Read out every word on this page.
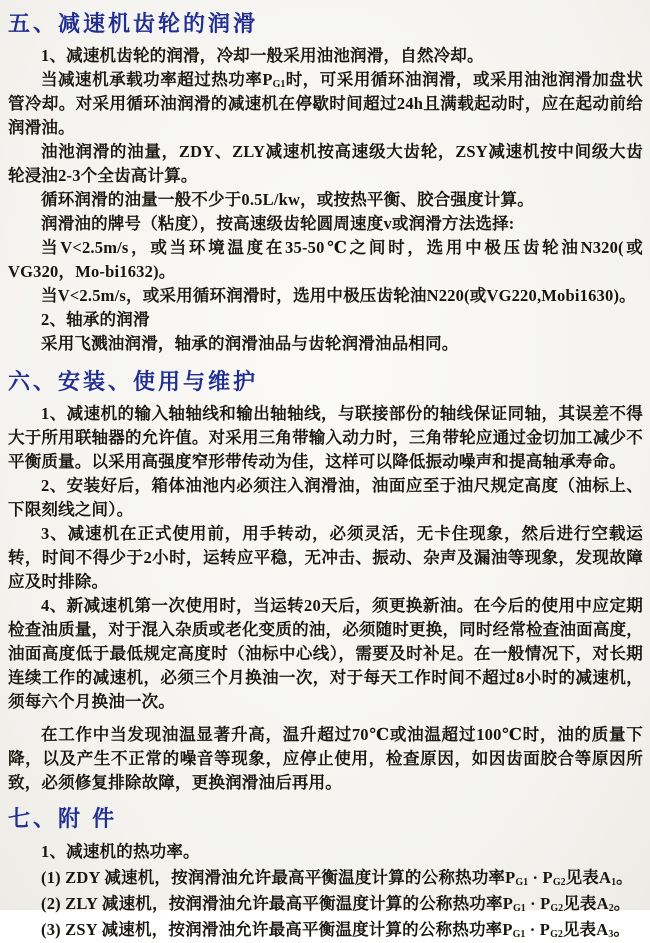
五、减速机齿轮的润滑

1、减速机齿轮的润滑，冷却一般采用油池润滑，自然冷却。

当减速机承载功率超过热功率$P_{G1}$时，可采用循环油润滑，或采用油池润滑加盘状管冷却。对采用循环油润滑的减速机在停歇时间超过24h且满载起动时，应在起动前给润滑油。

油池润滑的油量，ZDY、ZLY减速机按高速级大齿轮，ZSY减速机按中间级大齿轮浸油2-3个全齿高计算。

循环润滑的油量一般不少于0.5L/kw，或按热平衡、胶合强度计算。

润滑油的牌号（粘度），按高速级齿轮圆周速度v或润滑方法选择:

当V<2.5m/s，或当环境温度在35-50℃之间时，选用中极压齿轮油N320(或VG320，Mo-bi1632)。

当V<2.5m/s，或采用循环润滑时，选用中极压齿轮油N220(或VG220,Mobi1630)。

2、轴承的润滑

采用飞溅油润滑，轴承的润滑油品与齿轮润滑油品相同。

六、安装、使用与维护

1、减速机的输入轴轴线和输出轴轴线，与联接部份的轴线保证同轴，其误差不得大于所用联轴器的允许值。对采用三角带输入动力时，三角带轮应通过金切加工减少不平衡质量。以采用高强度窄形带传动为佳，这样可以降低振动噪声和提高轴承寿命。

2、安装好后，箱体油池内必须注入润滑油，油面应至于油尺规定高度（油标上、下限刻线之间）。

3、减速机在正式使用前，用手转动，必须灵活，无卡住现象，然后进行空载运转，时间不得少于2小时，运转应平稳，无冲击、振动、杂声及漏油等现象，发现故障应及时排除。

4、新减速机第一次使用时，当运转20天后，须更换新油。在今后的使用中应定期检查油质量，对于混入杂质或老化变质的油，必须随时更换，同时经常检查油面高度，油面高度低于最低规定高度时（油标中心线），需要及时补足。在一般情况下，对长期连续工作的减速机，必须三个月换油一次，对于每天工作时间不超过8小时的减速机，须每六个月换油一次。

在工作中当发现油温显著升高，温升超过70℃或油温超过100℃时，油的质量下降，以及产生不正常的噪音等现象，应停止使用，检查原因，如因齿面胶合等原因所致，必须修复排除故障，更换润滑油后再用。

七、附 件

1、减速机的热功率。

(1) ZDY 减速机，按润滑油允许最高平衡温度计算的公称热功率$P_{G1} \cdot P_{G2}$见表$A_1$。

(2) ZLY 减速机，按润滑油允许最高平衡温度计算的公称热功率$P_{G1} \cdot P_{G2}$见表$A_2$。

(3) ZSY 减速机，按润滑油允许最高平衡温度计算的公称热功率$P_{G1} \cdot P_{G2}$见表$A_3$。
